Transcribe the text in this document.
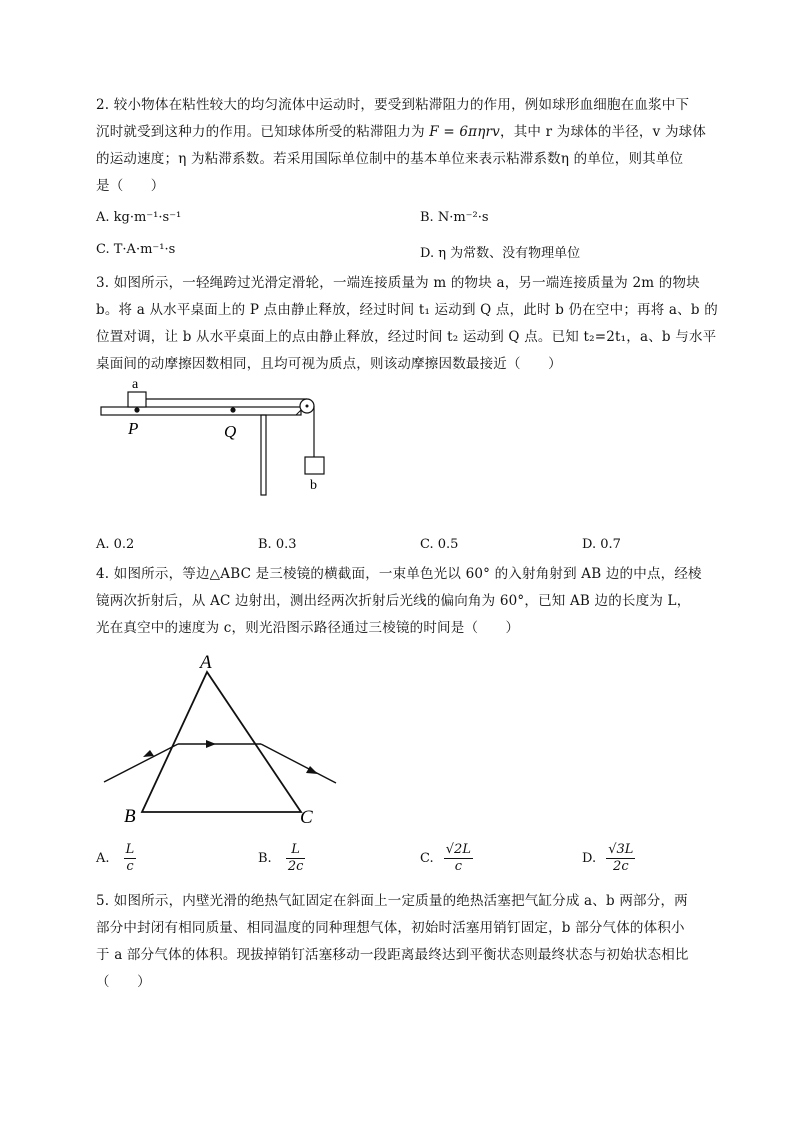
2. 较小物体在粘性较大的均匀流体中运动时，要受到粘滞阻力的作用，例如球形血细胞在血浆中下
沉时就受到这种力的作用。已知球体所受的粘滞阻力为 F = 6πηrv，其中 r 为球体的半径，v 为球体
的运动速度；η 为粘滞系数。若采用国际单位制中的基本单位来表示粘滞系数η 的单位，则其单位
是（　　）
A. kg·m⁻¹·s⁻¹	B. N·m⁻²·s
C. T·A·m⁻¹·s	D. η 为常数、没有物理单位
3. 如图所示，一轻绳跨过光滑定滑轮，一端连接质量为 m 的物块 a，另一端连接质量为 2m 的物块
b。将 a 从水平桌面上的 P 点由静止释放，经过时间 t₁ 运动到 Q 点，此时 b 仍在空中；再将 a、b 的
位置对调，让 b 从水平桌面上的点由静止释放，经过时间 t₂ 运动到 Q 点。已知 t₂=2t₁，a、b 与水平
桌面间的动摩擦因数相同，且均可视为质点，则该动摩擦因数最接近（　　）
a
P	Q
b
A. 0.2	B. 0.3	C. 0.5	D. 0.7
4. 如图所示，等边△ABC 是三棱镜的横截面，一束单色光以 60° 的入射角射到 AB 边的中点，经棱
镜两次折射后，从 AC 边射出，测出经两次折射后光线的偏向角为 60°，已知 AB 边的长度为 L，
光在真空中的速度为 c，则光沿图示路径通过三棱镜的时间是（　　）
A
B	C
A. $\frac{L}{c}$	B. $\frac{L}{2c}$	C. $\frac{√2L}{c}$	D. $\frac{√3L}{2c}$
5. 如图所示，内壁光滑的绝热气缸固定在斜面上一定质量的绝热活塞把气缸分成 a、b 两部分，两
部分中封闭有相同质量、相同温度的同种理想气体，初始时活塞用销钉固定，b 部分气体的体积小
于 a 部分气体的体积。现拔掉销钉活塞移动一段距离最终达到平衡状态则最终状态与初始状态相比
（　　）
